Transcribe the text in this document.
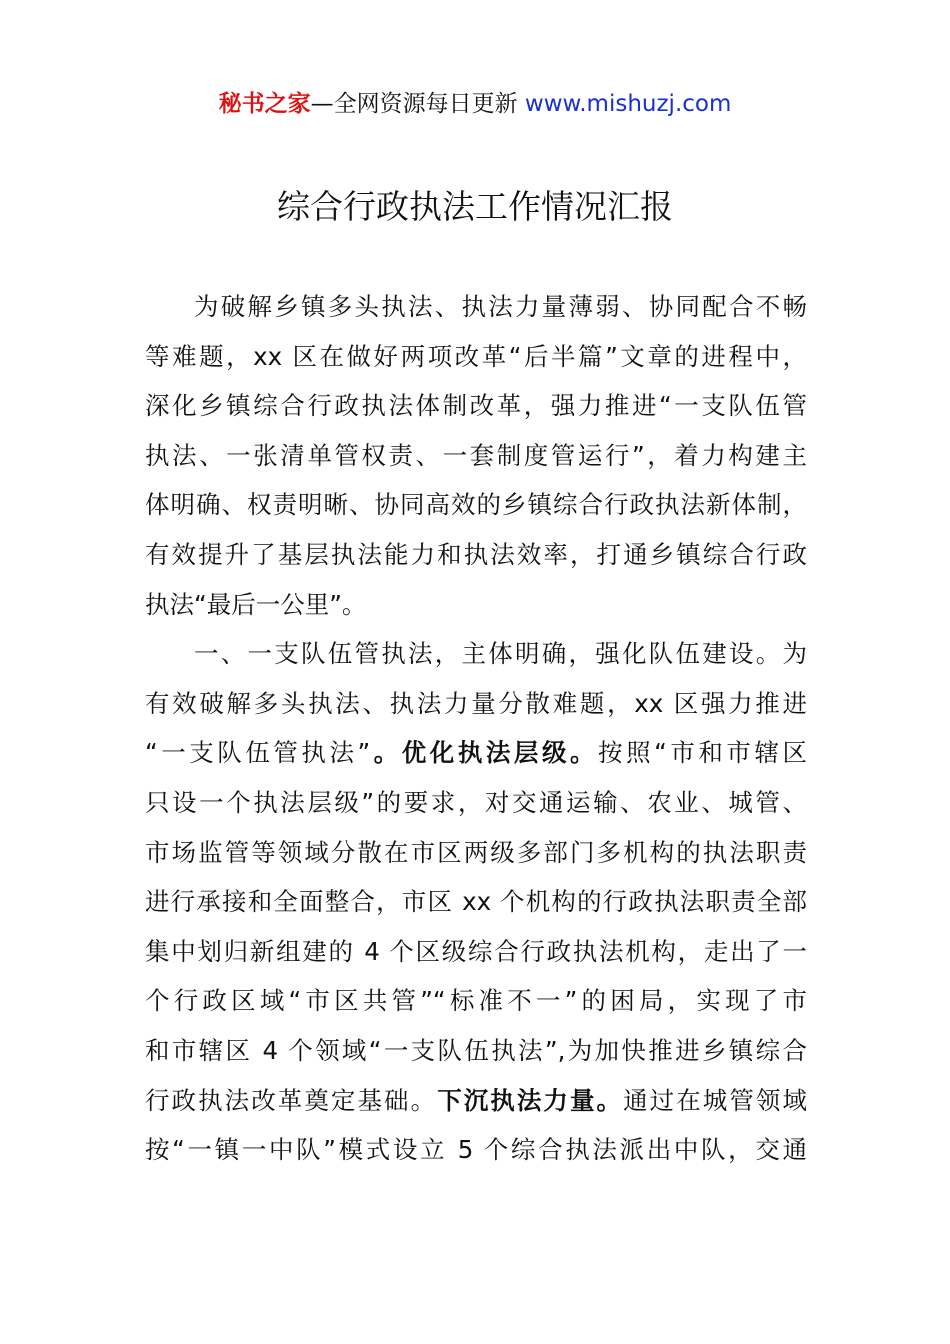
秘书之家—全网资源每日更新 www.mishuzj.com
综合行政执法工作情况汇报
为破解乡镇多头执法、执法力量薄弱、协同配合不畅
等难题，xx 区在做好两项改革“后半篇”文章的进程中，
深化乡镇综合行政执法体制改革，强力推进“一支队伍管
执法、一张清单管权责、一套制度管运行”，着力构建主
体明确、权责明晰、协同高效的乡镇综合行政执法新体制，
有效提升了基层执法能力和执法效率，打通乡镇综合行政
执法“最后一公里”。
一、一支队伍管执法，主体明确，强化队伍建设。为
有效破解多头执法、执法力量分散难题，xx 区强力推进
“一支队伍管执法”。优化执法层级。按照“市和市辖区
只设一个执法层级”的要求，对交通运输、农业、城管、
市场监管等领域分散在市区两级多部门多机构的执法职责
进行承接和全面整合，市区 xx 个机构的行政执法职责全部
集中划归新组建的 4 个区级综合行政执法机构，走出了一
个行政区域“市区共管”“标准不一”的困局，实现了市
和市辖区 4 个领域“一支队伍执法”,为加快推进乡镇综合
行政执法改革奠定基础。下沉执法力量。通过在城管领域
按“一镇一中队”模式设立 5 个综合执法派出中队，交通
